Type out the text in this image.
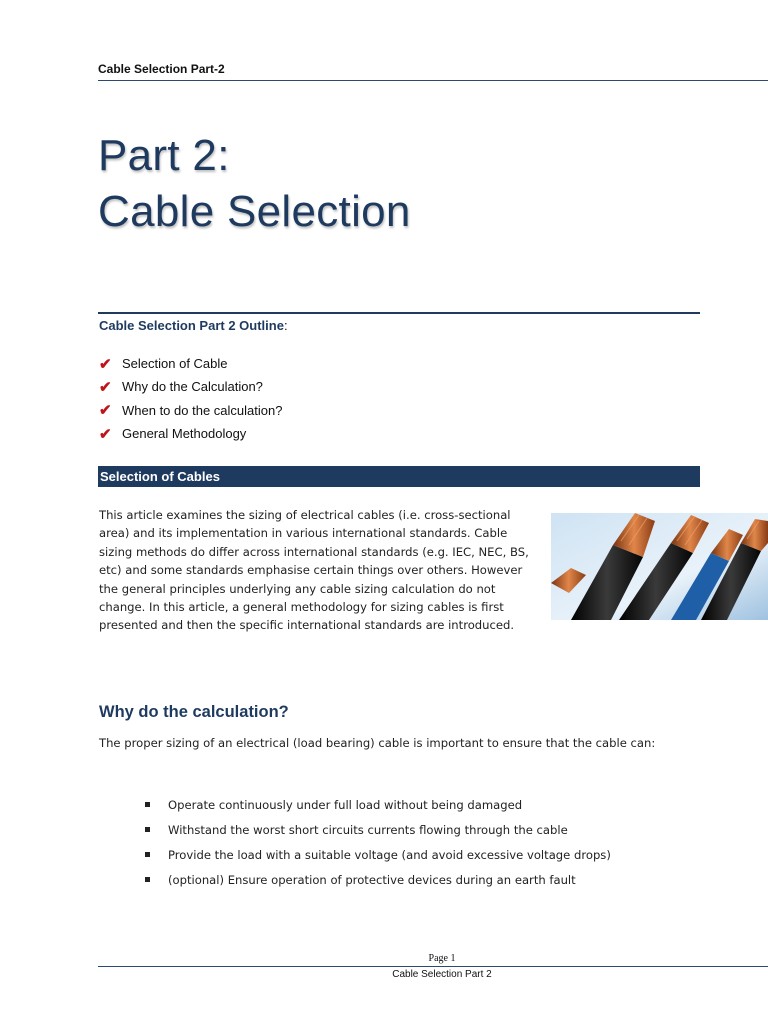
Cable Selection Part-2
Part 2:
Cable Selection
Cable Selection Part 2 Outline:
✔ Selection of Cable
✔ Why do the Calculation?
✔ When to do the calculation?
✔ General Methodology
Selection of Cables
This article examines the sizing of electrical cables (i.e. cross-sectional area) and its implementation in various international standards. Cable sizing methods do differ across international standards (e.g. IEC, NEC, BS, etc) and some standards emphasise certain things over others. However the general principles underlying any cable sizing calculation do not change. In this article, a general methodology for sizing cables is first presented and then the specific international standards are introduced.
Why do the calculation?
The proper sizing of an electrical (load bearing) cable is important to ensure that the cable can:
Operate continuously under full load without being damaged
Withstand the worst short circuits currents flowing through the cable
Provide the load with a suitable voltage (and avoid excessive voltage drops)
(optional) Ensure operation of protective devices during an earth fault
Page 1
Cable Selection Part 2
